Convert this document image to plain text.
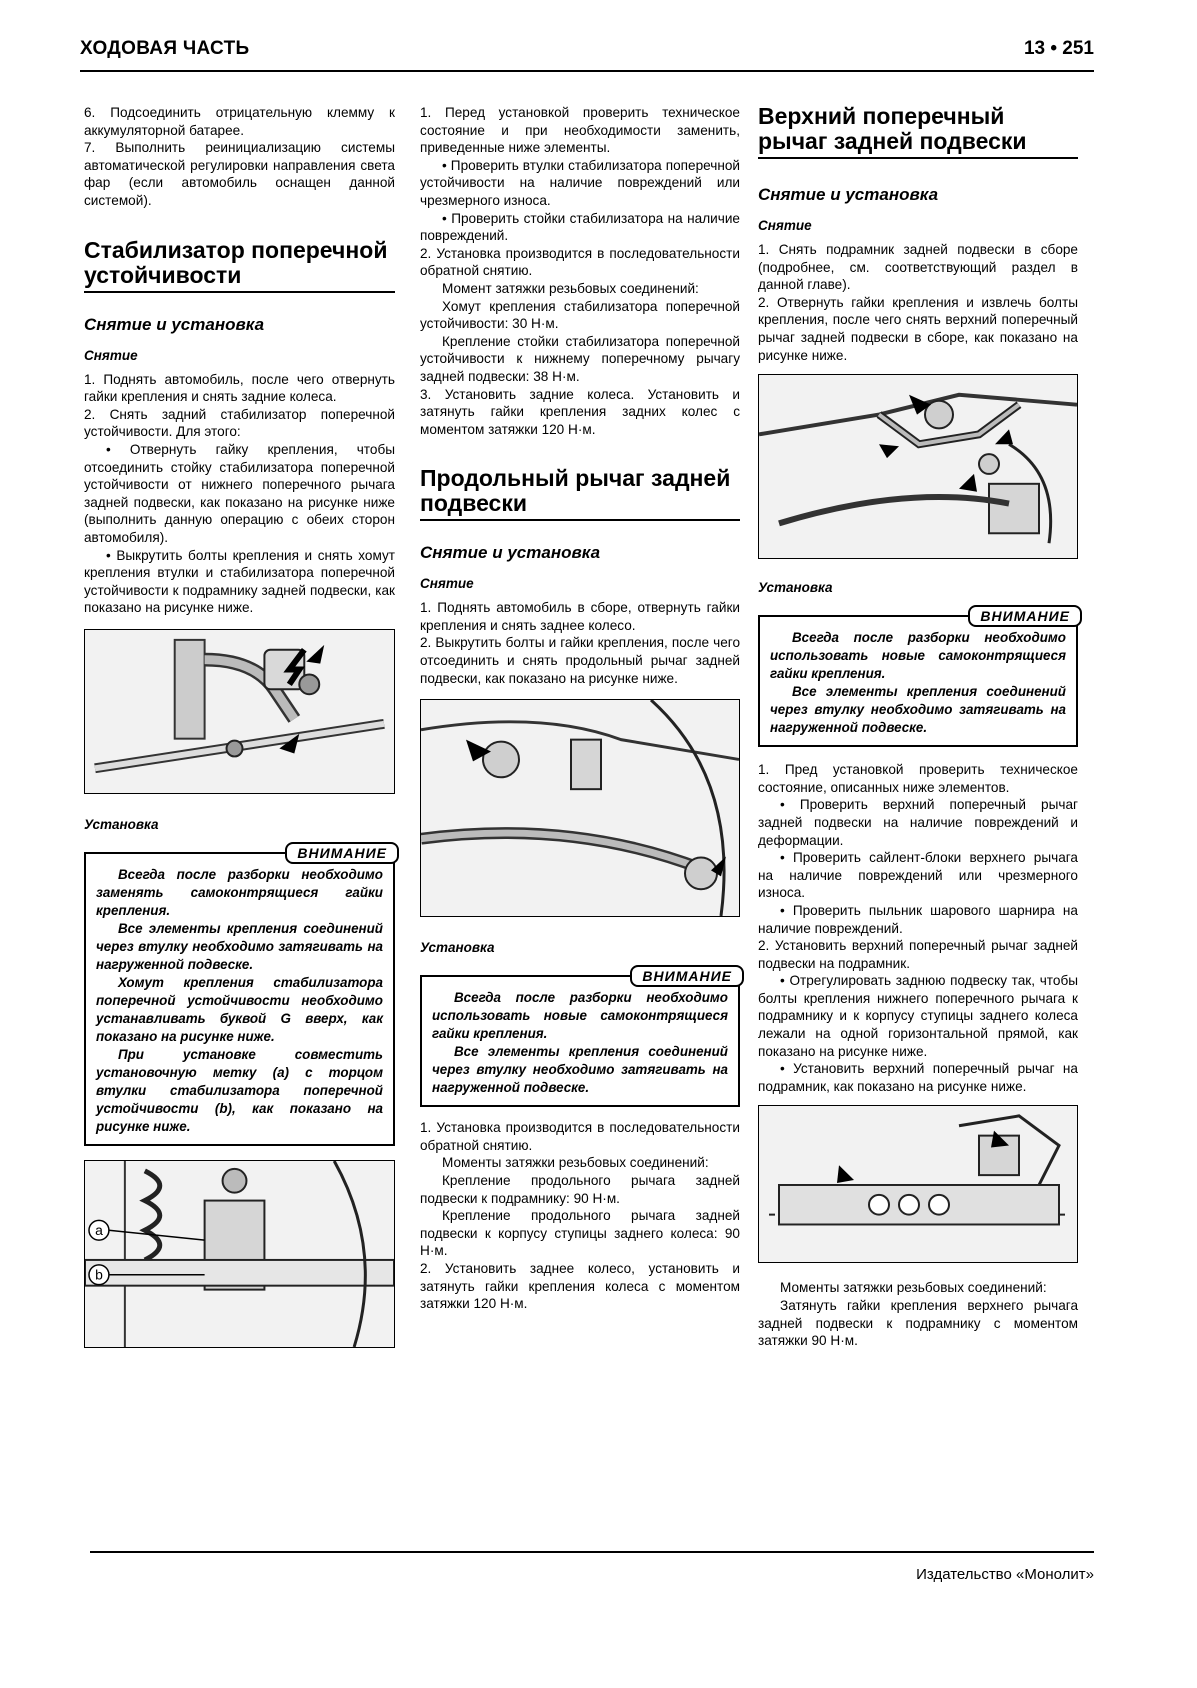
ХОДОВАЯ ЧАСТЬ	13 • 251

6. Подсоединить отрицательную клемму к аккумуляторной батарее.

7. Выполнить реинициализацию системы автоматической регулировки направления света фар (если автомобиль оснащен данной системой).

Стабилизатор поперечной устойчивости
Снятие и установка
Снятие

1. Поднять автомобиль, после чего отвернуть гайки крепления и снять задние колеса.

2. Снять задний стабилизатор поперечной устойчивости. Для этого:

• Отвернуть гайку крепления, чтобы отсоединить стойку стабилизатора поперечной устойчивости от нижнего поперечного рычага задней подвески, как показано на рисунке ниже (выполнить данную операцию с обеих сторон автомобиля).

• Выкрутить болты крепления и снять хомут крепления втулки и стабилизатора поперечной устойчивости к подрамнику задней подвески, как показано на рисунке ниже.

Установка
ВНИМАНИЕ

Всегда после разборки необходимо заменять самоконтрящиеся гайки крепления.

Все элементы крепления соединений через втулку необходимо затягивать на нагруженной подвеске.

Хомут крепления стабилизатора поперечной устойчивости необходимо устанавливать буквой G вверх, как показано на рисунке ниже.

При установке совместить установочную метку (a) с торцом втулки стабилизатора поперечной устойчивости (b), как показано на рисунке ниже.

a
b

1. Перед установкой проверить техническое состояние и при необходимости заменить, приведенные ниже элементы.

• Проверить втулки стабилизатора поперечной устойчивости на наличие повреждений или чрезмерного износа.

• Проверить стойки стабилизатора на наличие повреждений.

2. Установка производится в последовательности обратной снятию.

Момент затяжки резьбовых соединений:

Хомут крепления стабилизатора поперечной устойчивости: 30 Н·м.

Крепление стойки стабилизатора поперечной устойчивости к нижнему поперечному рычагу задней подвески: 38 Н·м.

3. Установить задние колеса. Установить и затянуть гайки крепления задних колес с моментом затяжки 120 Н·м.

Продольный рычаг задней подвески
Снятие и установка
Снятие

1. Поднять автомобиль в сборе, отвернуть гайки крепления и снять заднее колесо.

2. Выкрутить болты и гайки крепления, после чего отсоединить и снять продольный рычаг задней подвески, как показано на рисунке ниже.

Установка
ВНИМАНИЕ

Всегда после разборки необходимо использовать новые самоконтрящиеся гайки крепления.

Все элементы крепления соединений через втулку необходимо затягивать на нагруженной подвеске.

1. Установка производится в последовательности обратной снятию.

Моменты затяжки резьбовых соединений:

Крепление продольного рычага задней подвески к подрамнику: 90 Н·м.

Крепление продольного рычага задней подвески к корпусу ступицы заднего колеса: 90 Н·м.

2. Установить заднее колесо, установить и затянуть гайки крепления колеса с моментом затяжки 120 Н·м.

Верхний поперечный рычаг задней подвески
Снятие и установка
Снятие

1. Снять подрамник задней подвески в сборе (подробнее, см. соответствующий раздел в данной главе).

2. Отвернуть гайки крепления и извлечь болты крепления, после чего снять верхний поперечный рычаг задней подвески в сборе, как показано на рисунке ниже.

Установка
ВНИМАНИЕ

Всегда после разборки необходимо использовать новые самоконтрящиеся гайки крепления.

Все элементы крепления соединений через втулку необходимо затягивать на нагруженной подвеске.

1. Пред установкой проверить техническое состояние, описанных ниже элементов.

• Проверить верхний поперечный рычаг задней подвески на наличие повреждений и деформации.

• Проверить сайлент-блоки верхнего рычага на наличие повреждений или чрезмерного износа.

• Проверить пыльник шарового шарнира на наличие повреждений.

2. Установить верхний поперечный рычаг задней подвески на подрамник.

• Отрегулировать заднюю подвеску так, чтобы болты крепления нижнего поперечного рычага к подрамнику и к корпусу ступицы заднего колеса лежали на одной горизонтальной прямой, как показано на рисунке ниже.

• Установить верхний поперечный рычаг на подрамник, как показано на рисунке ниже.

Моменты затяжки резьбовых соединений:

Затянуть гайки крепления верхнего рычага задней подвески к подрамнику с моментом затяжки 90 Н·м.

Издательство «Монолит»
